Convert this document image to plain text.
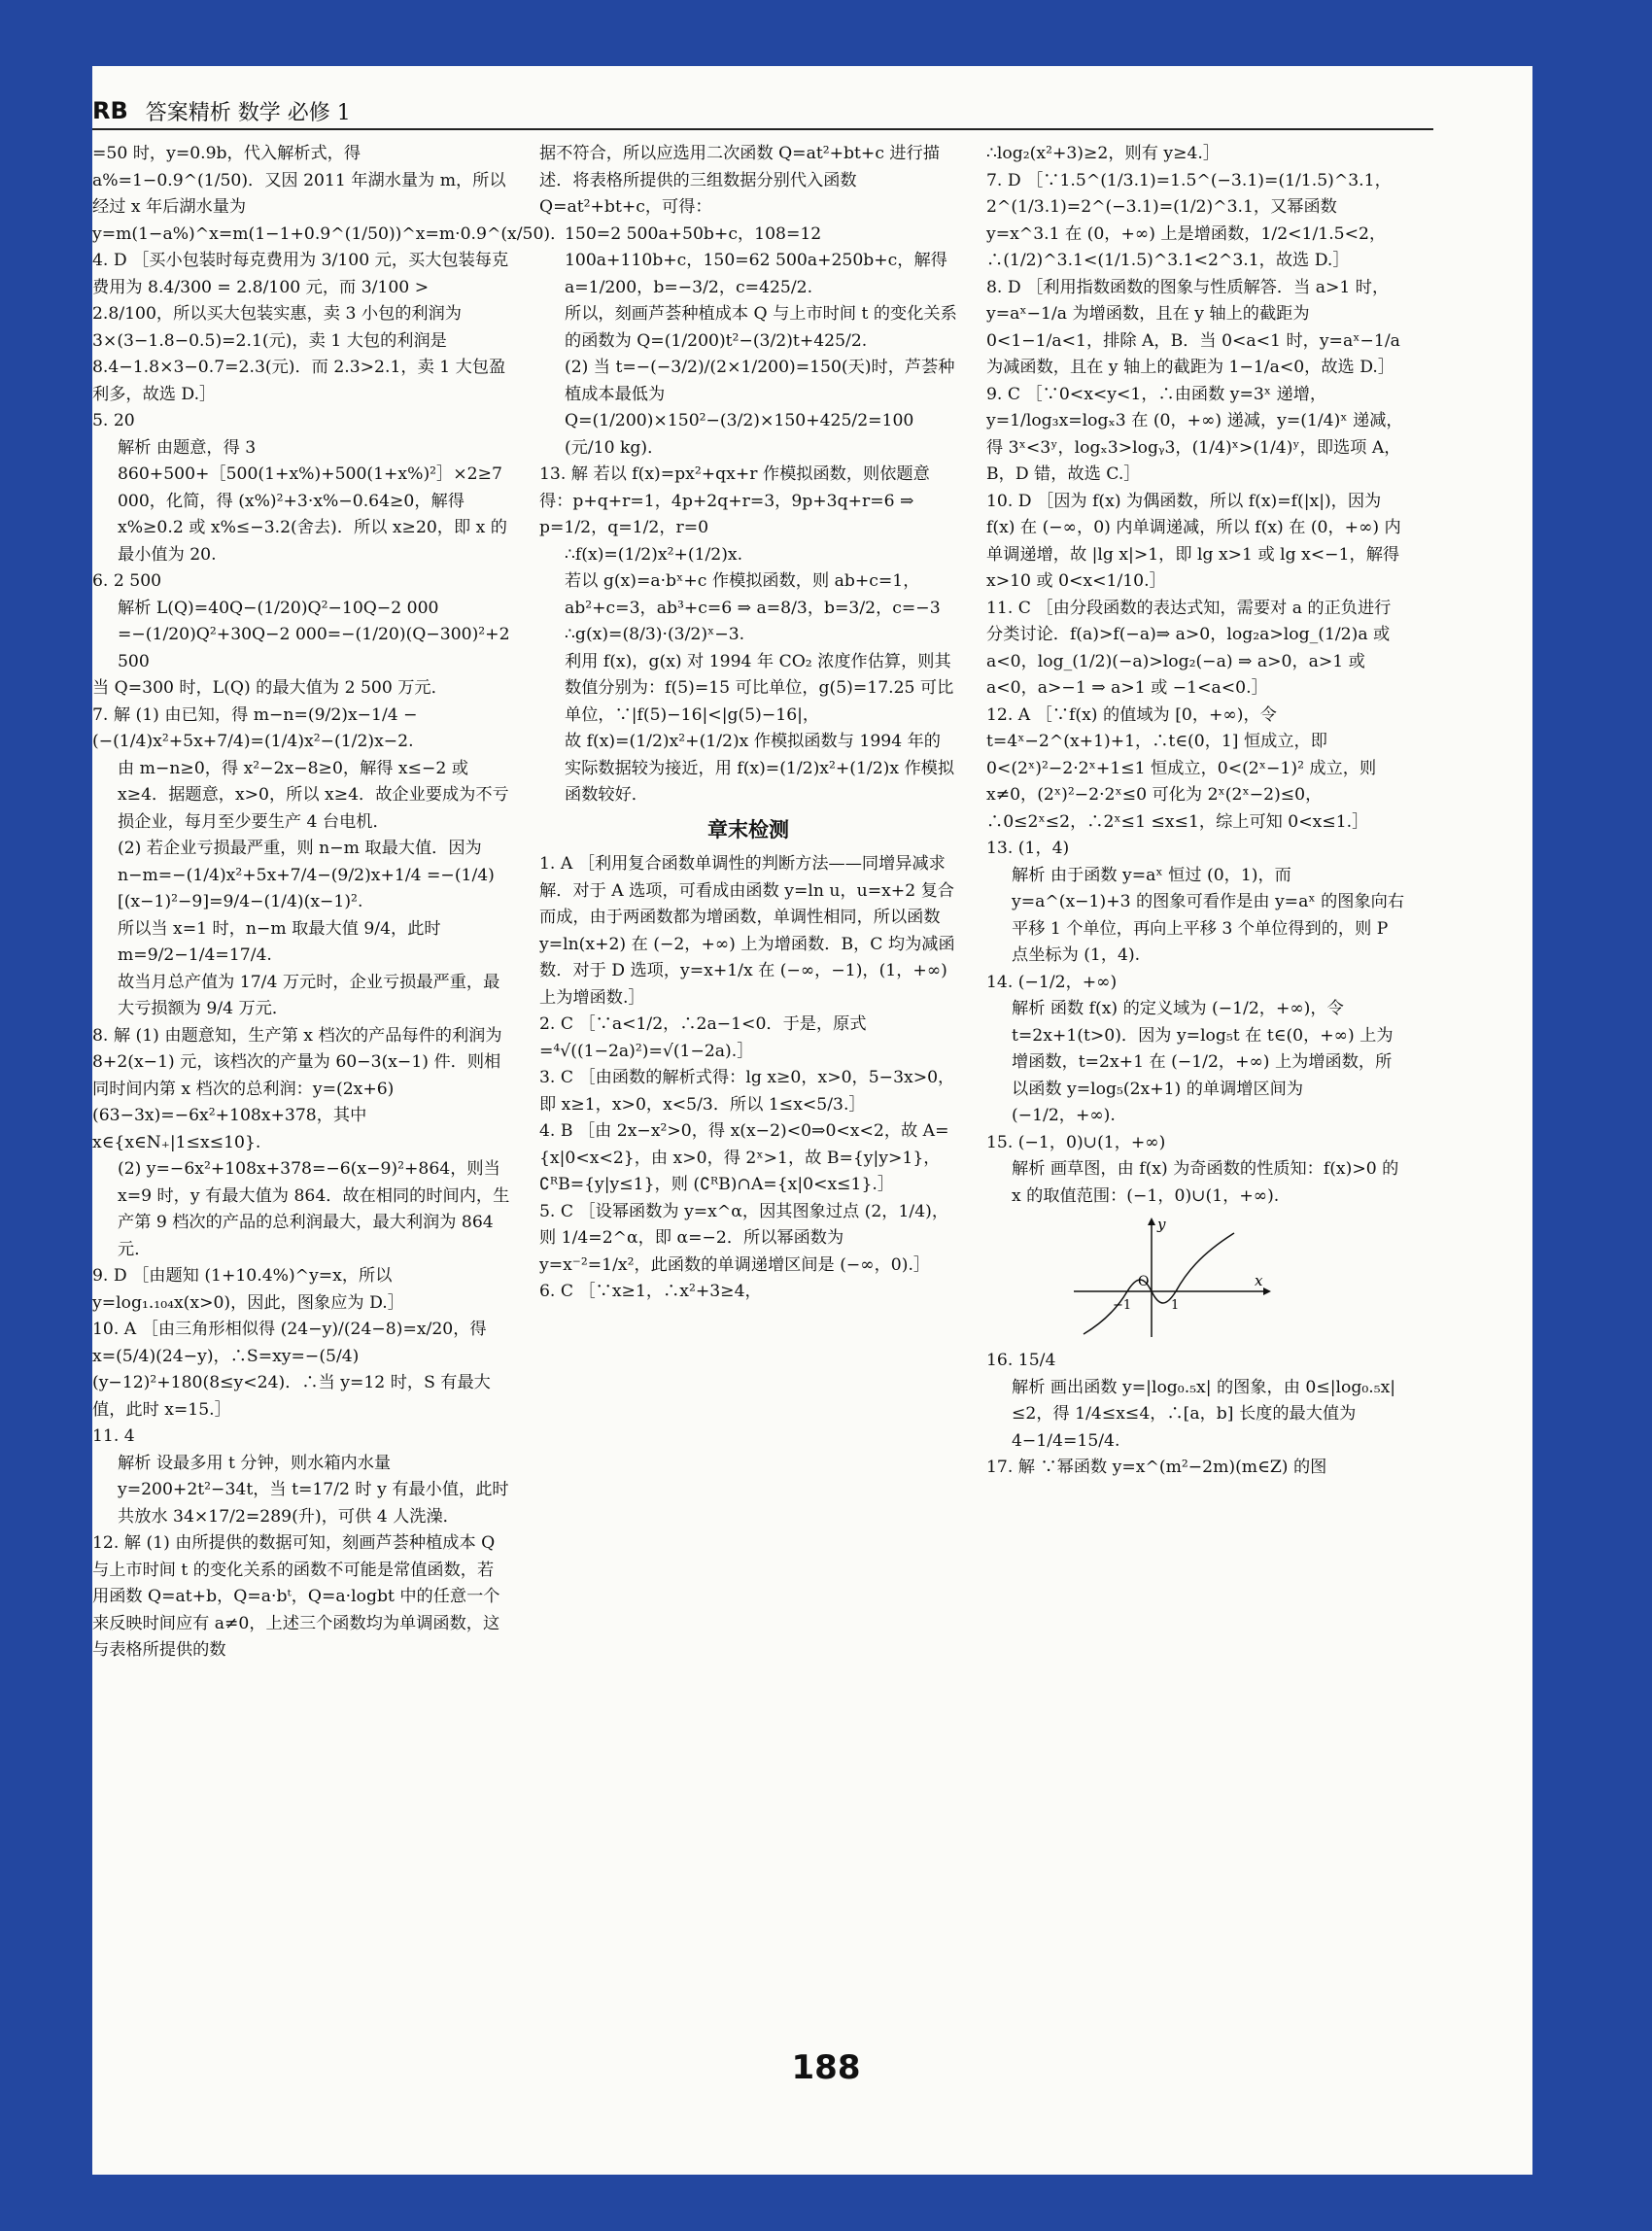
RB 答案精析 数学 必修 1

=50 时，y=0.9b，代入解析式，得 a%=1−0.9^(1/50)．又因 2011 年湖水量为 m，所以经过 x 年后湖水量为 y=m(1−a%)^x=m(1−1+0.9^(1/50))^x=m·0.9^(x/50)．

4. D ［买小包装时每克费用为 3/100 元，买大包装每克费用为 8.4/300 = 2.8/100 元，而 3/100 > 2.8/100，所以买大包装实惠，卖 3 小包的利润为 3×(3−1.8−0.5)=2.1(元)，卖 1 大包的利润是 8.4−1.8×3−0.7=2.3(元)．而 2.3>2.1，卖 1 大包盈利多，故选 D.］

5. 20

解析 由题意，得 3 860+500+［500(1+x%)+500(1+x%)²］×2≥7 000，化简，得 (x%)²+3·x%−0.64≥0，解得 x%≥0.2 或 x%≤−3.2(舍去)．所以 x≥20，即 x 的最小值为 20.

6. 2 500

解析 L(Q)=40Q−(1/20)Q²−10Q−2 000 =−(1/20)Q²+30Q−2 000=−(1/20)(Q−300)²+2 500

当 Q=300 时，L(Q) 的最大值为 2 500 万元．

7. 解 (1) 由已知，得 m−n=(9/2)x−1/4 −(−(1/4)x²+5x+7/4)=(1/4)x²−(1/2)x−2.

由 m−n≥0，得 x²−2x−8≥0，解得 x≤−2 或 x≥4．据题意，x>0，所以 x≥4．故企业要成为不亏损企业，每月至少要生产 4 台电机．

(2) 若企业亏损最严重，则 n−m 取最大值．因为 n−m=−(1/4)x²+5x+7/4−(9/2)x+1/4 =−(1/4)[(x−1)²−9]=9/4−(1/4)(x−1)².

所以当 x=1 时，n−m 取最大值 9/4，此时 m=9/2−1/4=17/4.

故当月总产值为 17/4 万元时，企业亏损最严重，最大亏损额为 9/4 万元．

8. 解 (1) 由题意知，生产第 x 档次的产品每件的利润为 8+2(x−1) 元，该档次的产量为 60−3(x−1) 件．则相同时间内第 x 档次的总利润：y=(2x+6)(63−3x)=−6x²+108x+378，其中 x∈{x∈N₊|1≤x≤10}.

(2) y=−6x²+108x+378=−6(x−9)²+864，则当 x=9 时，y 有最大值为 864．故在相同的时间内，生产第 9 档次的产品的总利润最大，最大利润为 864 元．

9. D ［由题知 (1+10.4%)^y=x，所以 y=log₁.₁₀₄x(x>0)，因此，图象应为 D.］

10. A ［由三角形相似得 (24−y)/(24−8)=x/20，得 x=(5/4)(24−y)，∴S=xy=−(5/4)(y−12)²+180(8≤y<24)．∴当 y=12 时，S 有最大值，此时 x=15.］

11. 4

解析 设最多用 t 分钟，则水箱内水量 y=200+2t²−34t，当 t=17/2 时 y 有最小值，此时共放水 34×17/2=289(升)，可供 4 人洗澡．

12. 解 (1) 由所提供的数据可知，刻画芦荟种植成本 Q 与上市时间 t 的变化关系的函数不可能是常值函数，若用函数 Q=at+b，Q=a·bᵗ，Q=a·logbt 中的任意一个来反映时间应有 a≠0，上述三个函数均为单调函数，这与表格所提供的数

据不符合，所以应选用二次函数 Q=at²+bt+c 进行描述．将表格所提供的三组数据分别代入函数 Q=at²+bt+c，可得：

150=2 500a+50b+c，108=12 100a+110b+c，150=62 500a+250b+c，解得 a=1/200，b=−3/2，c=425/2.

所以，刻画芦荟种植成本 Q 与上市时间 t 的变化关系的函数为 Q=(1/200)t²−(3/2)t+425/2.

(2) 当 t=−(−3/2)/(2×1/200)=150(天)时，芦荟种植成本最低为

Q=(1/200)×150²−(3/2)×150+425/2=100 (元/10 kg)．

13. 解 若以 f(x)=px²+qx+r 作模拟函数，则依题意得：p+q+r=1，4p+2q+r=3，9p+3q+r=6 ⇒ p=1/2，q=1/2，r=0

∴f(x)=(1/2)x²+(1/2)x.

若以 g(x)=a·bˣ+c 作模拟函数，则 ab+c=1，ab²+c=3，ab³+c=6 ⇒ a=8/3，b=3/2，c=−3

∴g(x)=(8/3)·(3/2)ˣ−3.

利用 f(x)，g(x) 对 1994 年 CO₂ 浓度作估算，则其数值分别为：f(5)=15 可比单位，g(5)=17.25 可比单位，∵|f(5)−16|<|g(5)−16|，

故 f(x)=(1/2)x²+(1/2)x 作模拟函数与 1994 年的实际数据较为接近，用 f(x)=(1/2)x²+(1/2)x 作模拟函数较好．

章末检测

1. A ［利用复合函数单调性的判断方法——同增异减求解．对于 A 选项，可看成由函数 y=ln u，u=x+2 复合而成，由于两函数都为增函数，单调性相同，所以函数 y=ln(x+2) 在 (−2，+∞) 上为增函数．B，C 均为减函数．对于 D 选项，y=x+1/x 在 (−∞，−1)，(1，+∞) 上为增函数.］

2. C ［∵a<1/2，∴2a−1<0．于是，原式=⁴√((1−2a)²)=√(1−2a).］

3. C ［由函数的解析式得：lg x≥0，x>0，5−3x>0，即 x≥1，x>0，x<5/3．所以 1≤x<5/3.］

4. B ［由 2x−x²>0，得 x(x−2)<0⇒0<x<2，故 A={x|0<x<2}，由 x>0，得 2ˣ>1，故 B={y|y>1}，∁ᴿB={y|y≤1}，则 (∁ᴿB)∩A={x|0<x≤1}.］

5. C ［设幂函数为 y=x^α，因其图象过点 (2，1/4)，则 1/4=2^α，即 α=−2．所以幂函数为 y=x⁻²=1/x²，此函数的单调递增区间是 (−∞，0).］

6. C ［∵x≥1，∴x²+3≥4，

∴log₂(x²+3)≥2，则有 y≥4.］

7. D ［∵1.5^(1/3.1)=1.5^(−3.1)=(1/1.5)^3.1，2^(1/3.1)=2^(−3.1)=(1/2)^3.1，又幂函数 y=x^3.1 在 (0，+∞) 上是增函数，1/2<1/1.5<2，∴(1/2)^3.1<(1/1.5)^3.1<2^3.1，故选 D.］

8. D ［利用指数函数的图象与性质解答．当 a>1 时，y=aˣ−1/a 为增函数，且在 y 轴上的截距为 0<1−1/a<1，排除 A，B．当 0<a<1 时，y=aˣ−1/a 为减函数，且在 y 轴上的截距为 1−1/a<0，故选 D.］

9. C ［∵0<x<y<1，∴由函数 y=3ˣ 递增，y=1/log₃x=logₓ3 在 (0，+∞) 递减，y=(1/4)ˣ 递减，得 3ˣ<3ʸ，logₓ3>logᵧ3，(1/4)ˣ>(1/4)ʸ，即选项 A，B，D 错，故选 C.］

10. D ［因为 f(x) 为偶函数，所以 f(x)=f(|x|)，因为 f(x) 在 (−∞，0) 内单调递减，所以 f(x) 在 (0，+∞) 内单调递增，故 |lg x|>1，即 lg x>1 或 lg x<−1，解得 x>10 或 0<x<1/10.］

11. C ［由分段函数的表达式知，需要对 a 的正负进行分类讨论．f(a)>f(−a)⇒ a>0，log₂a>log_(1/2)a 或 a<0，log_(1/2)(−a)>log₂(−a) ⇒ a>0，a>1 或 a<0，a>−1 ⇒ a>1 或 −1<a<0.］

12. A ［∵f(x) 的值域为 [0，+∞)，令 t=4ˣ−2^(x+1)+1，∴t∈(0，1] 恒成立，即 0<(2ˣ)²−2·2ˣ+1≤1 恒成立，0<(2ˣ−1)² 成立，则 x≠0，(2ˣ)²−2·2ˣ≤0 可化为 2ˣ(2ˣ−2)≤0，∴0≤2ˣ≤2，∴2ˣ≤1 ≤x≤1，综上可知 0<x≤1.］

13. (1，4)

解析 由于函数 y=aˣ 恒过 (0，1)，而 y=a^(x−1)+3 的图象可看作是由 y=aˣ 的图象向右平移 1 个单位，再向上平移 3 个单位得到的，则 P 点坐标为 (1，4).

14. (−1/2，+∞)

解析 函数 f(x) 的定义域为 (−1/2，+∞)，令 t=2x+1(t>0)．因为 y=log₅t 在 t∈(0，+∞) 上为增函数，t=2x+1 在 (−1/2，+∞) 上为增函数，所以函数 y=log₅(2x+1) 的单调增区间为 (−1/2，+∞).

15. (−1，0)∪(1，+∞)

解析 画草图，由 f(x) 为奇函数的性质知：f(x)>0 的 x 的取值范围：(−1，0)∪(1，+∞).

y
x
O
−1	1

16. 15/4

解析 画出函数 y=|log₀.₅x| 的图象，由 0≤|log₀.₅x|≤2，得 1/4≤x≤4，∴[a，b] 长度的最大值为 4−1/4=15/4.

17. 解 ∵幂函数 y=x^(m²−2m)(m∈Z) 的图

188
